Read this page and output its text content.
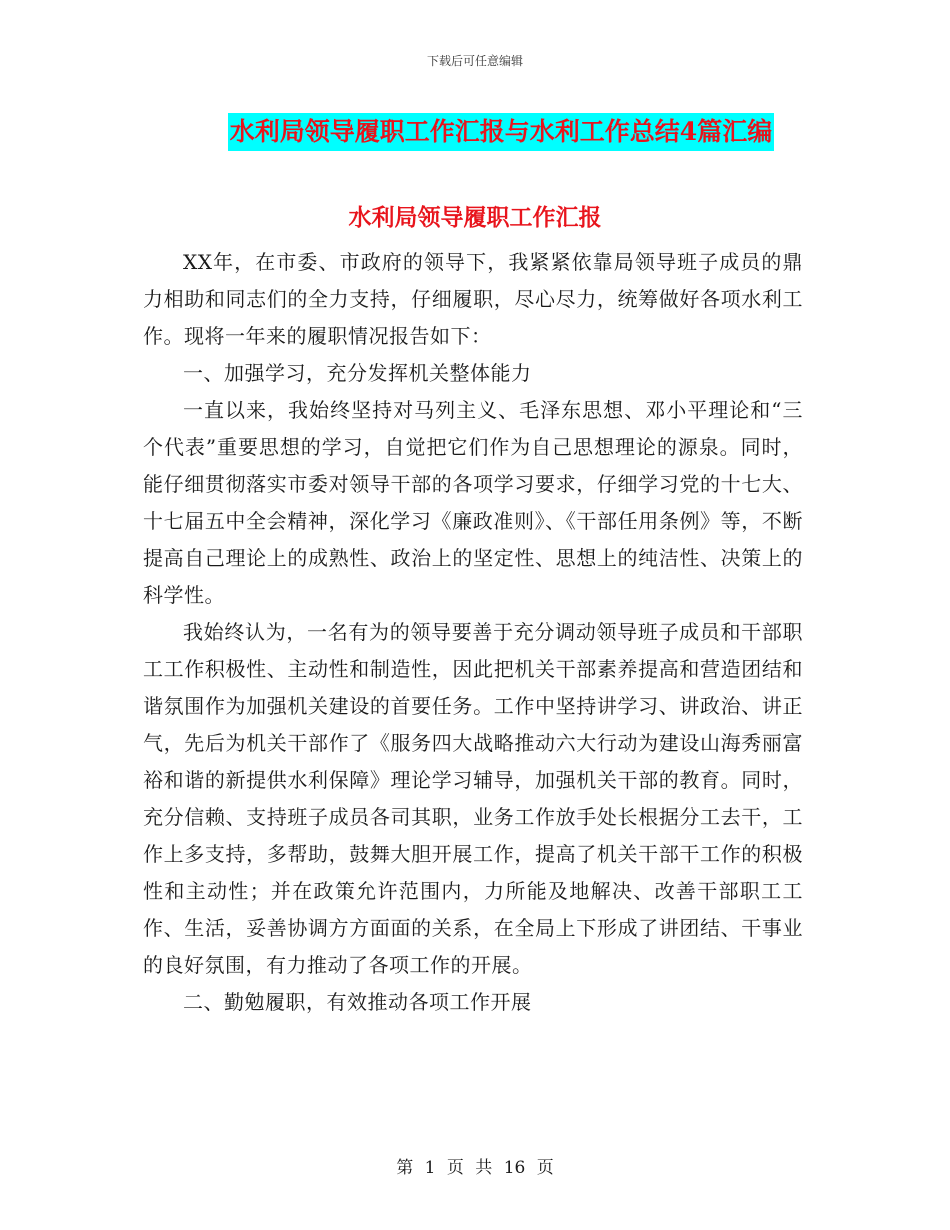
下载后可任意编辑
水利局领导履职工作汇报与水利工作总结4篇汇编
水利局领导履职工作汇报

XX年，在市委、市政府的领导下，我紧紧依靠局领导班子成员的鼎力相助和同志们的全力支持，仔细履职，尽心尽力，统筹做好各项水利工作。现将一年来的履职情况报告如下：

一、加强学习，充分发挥机关整体能力

一直以来，我始终坚持对马列主义、毛泽东思想、邓小平理论和“三个代表”重要思想的学习，自觉把它们作为自己思想理论的源泉。同时，能仔细贯彻落实市委对领导干部的各项学习要求，仔细学习党的十七大、十七届五中全会精神，深化学习《廉政准则》、《干部任用条例》等，不断提高自己理论上的成熟性、政治上的坚定性、思想上的纯洁性、决策上的科学性。

我始终认为，一名有为的领导要善于充分调动领导班子成员和干部职工工作积极性、主动性和制造性，因此把机关干部素养提高和营造团结和谐氛围作为加强机关建设的首要任务。工作中坚持讲学习、讲政治、讲正气，先后为机关干部作了《服务四大战略推动六大行动为建设山海秀丽富裕和谐的新提供水利保障》理论学习辅导，加强机关干部的教育。同时，充分信赖、支持班子成员各司其职，业务工作放手处长根据分工去干，工作上多支持，多帮助，鼓舞大胆开展工作，提高了机关干部干工作的积极性和主动性；并在政策允许范围内，力所能及地解决、改善干部职工工作、生活，妥善协调方方面面的关系，在全局上下形成了讲团结、干事业的良好氛围，有力推动了各项工作的开展。

二、勤勉履职，有效推动各项工作开展

第 1 页 共 16 页
